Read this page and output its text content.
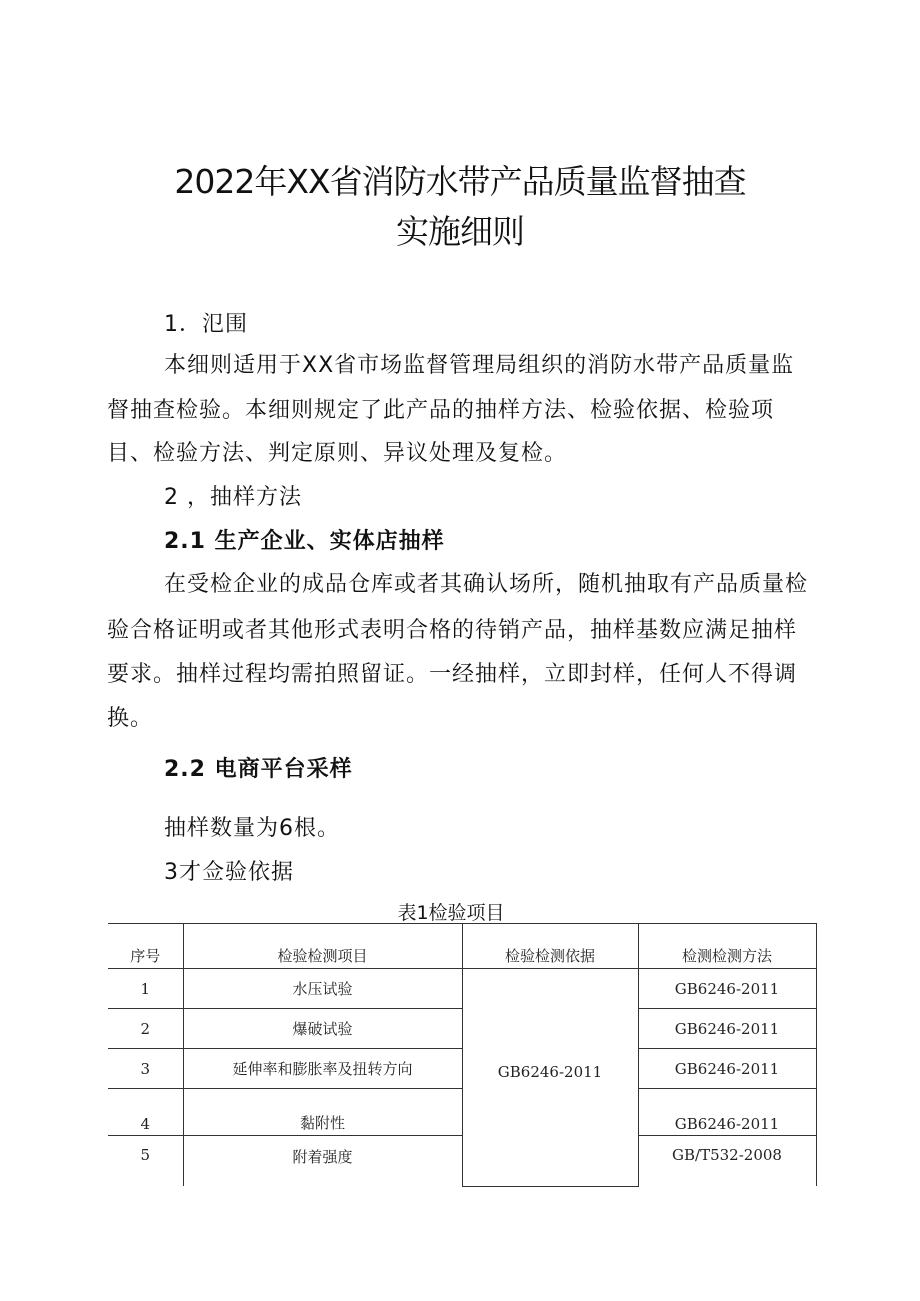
2022年XX省消防水带产品质量监督抽查
实施细则
1．氾围
本细则适用于XX省市场监督管理局组织的消防水带产品质量监
督抽查检验。本细则规定了此产品的抽样方法、检验依据、检验项
目、检验方法、判定原则、异议处理及复检。
2 ，抽样方法
2.1 生产企业、实体店抽样
在受检企业的成品仓库或者其确认场所，随机抽取有产品质量检
验合格证明或者其他形式表明合格的待销产品，抽样基数应满足抽样
要求。抽样过程均需拍照留证。一经抽样，立即封样，任何人不得调
换。
2.2 电商平台采样
抽样数量为6根。
3才佥验依据
表1检验项目
序号	检验检测项目	检验检测依据	检测检测方法
1	水压试验	GB6246-2011	GB6246-2011
2	爆破试验		GB6246-2011
3	延伸率和膨胀率及扭转方向		GB6246-2011
4	黏附性		GB6246-2011
5	附着强度		GB/T532-2008
